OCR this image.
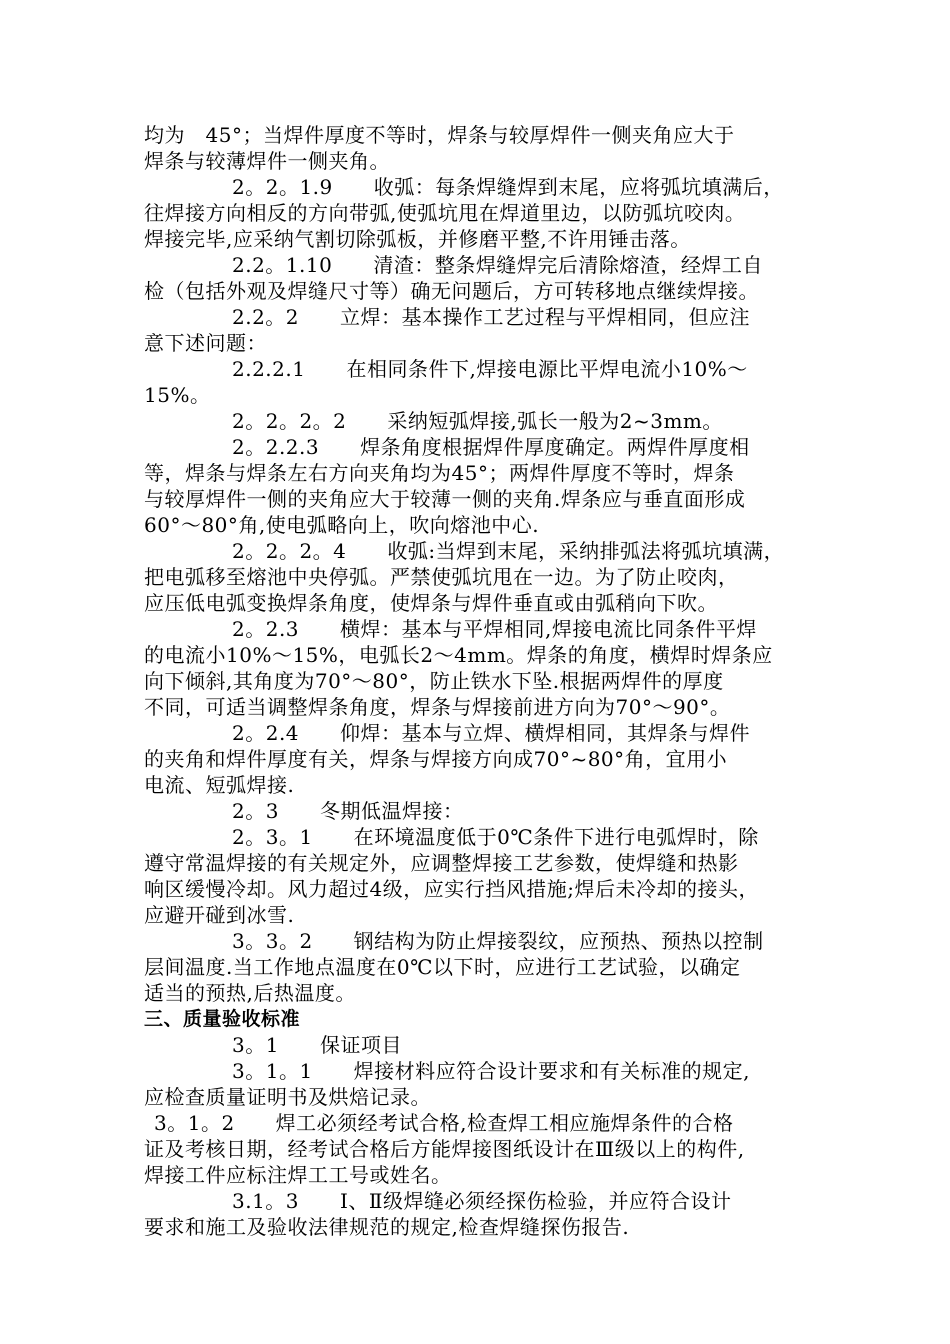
均为　45°；当焊件厚度不等时，焊条与较厚焊件一侧夹角应大于
焊条与较薄焊件一侧夹角。
2。2。1.9　　收弧：每条焊缝焊到末尾，应将弧坑填满后，
往焊接方向相反的方向带弧,使弧坑甩在焊道里边，以防弧坑咬肉。
焊接完毕,应采纳气割切除弧板，并修磨平整,不许用锤击落。
2.2。1.10　　清渣：整条焊缝焊完后清除熔渣，经焊工自
检（包括外观及焊缝尺寸等）确无问题后，方可转移地点继续焊接。
2.2。2　　立焊：基本操作工艺过程与平焊相同，但应注
意下述问题：
2.2.2.1　　在相同条件下,焊接电源比平焊电流小10%～
15%。
2。2。2。2　　采纳短弧焊接,弧长一般为2~3mm。
2。2.2.3　　焊条角度根据焊件厚度确定。两焊件厚度相
等，焊条与焊条左右方向夹角均为45°；两焊件厚度不等时，焊条
与较厚焊件一侧的夹角应大于较薄一侧的夹角.焊条应与垂直面形成
60°～80°角,使电弧略向上，吹向熔池中心.
2。2。2。4　　收弧:当焊到末尾，采纳排弧法将弧坑填满，
把电弧移至熔池中央停弧。严禁使弧坑甩在一边。为了防止咬肉，
应压低电弧变换焊条角度，使焊条与焊件垂直或由弧稍向下吹。
2。2.3　　横焊：基本与平焊相同,焊接电流比同条件平焊
的电流小10%～15%，电弧长2～4mm。焊条的角度，横焊时焊条应
向下倾斜,其角度为70°～80°，防止铁水下坠.根据两焊件的厚度
不同，可适当调整焊条角度，焊条与焊接前进方向为70°～90°。
2。2.4　　仰焊：基本与立焊、横焊相同，其焊条与焊件
的夹角和焊件厚度有关，焊条与焊接方向成70°~80°角，宜用小
电流、短弧焊接.
2。3　　冬期低温焊接：
2。3。1　　在环境温度低于0℃条件下进行电弧焊时，除
遵守常温焊接的有关规定外，应调整焊接工艺参数，使焊缝和热影
响区缓慢冷却。风力超过4级，应实行挡风措施;焊后未冷却的接头，
应避开碰到冰雪.
3。3。2　　钢结构为防止焊接裂纹，应预热、预热以控制
层间温度.当工作地点温度在0℃以下时，应进行工艺试验，以确定
适当的预热,后热温度。
三、质量验收标准
3。1　　保证项目
3。1。1　　焊接材料应符合设计要求和有关标准的规定,
应检查质量证明书及烘焙记录。
3。1。2　　焊工必须经考试合格,检查焊工相应施焊条件的合格
证及考核日期，经考试合格后方能焊接图纸设计在Ⅲ级以上的构件,
焊接工件应标注焊工工号或姓名。
3.1。3　　Ⅰ、Ⅱ级焊缝必须经探伤检验，并应符合设计
要求和施工及验收法律规范的规定,检查焊缝探伤报告.
